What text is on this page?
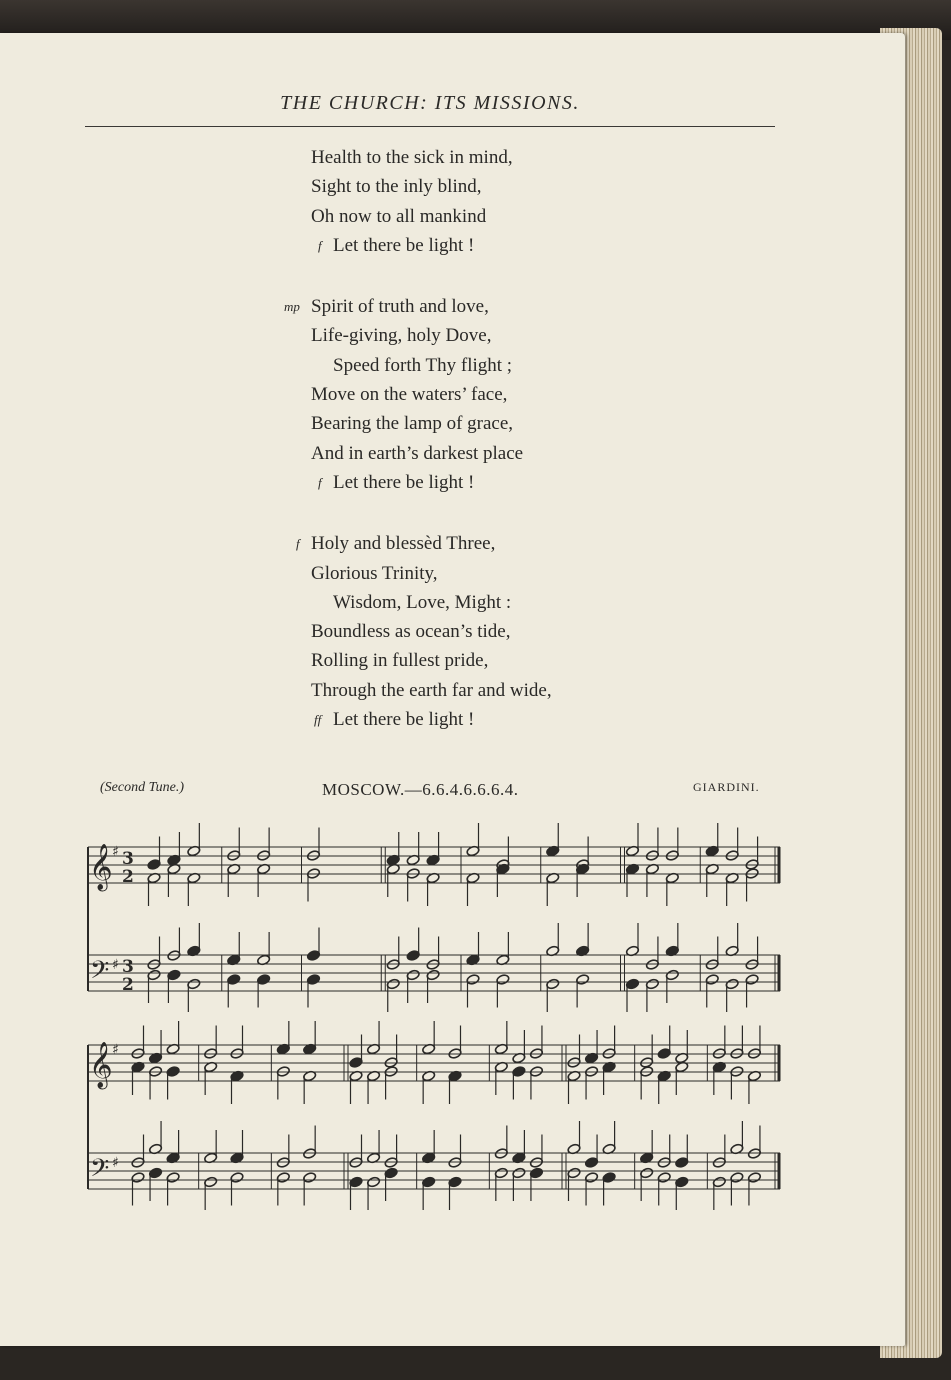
THE CHURCH: ITS MISSIONS.
Health to the sick in mind,
Sight to the inly blind,
Oh now to all mankind
f Let there be light !
mp Spirit of truth and love,
Life-giving, holy Dove,
Speed forth Thy flight ;
Move on the waters’ face,
Bearing the lamp of grace,
And in earth’s darkest place
f Let there be light !
f Holy and blessèd Three,
Glorious Trinity,
Wisdom, Love, Might :
Boundless as ocean’s tide,
Rolling in fullest pride,
Through the earth far and wide,
ff Let there be light !
(Second Tune.)	MOSCOW.—6.6.4.6.6.6.4.	GIARDINI.
𝄞
𝄢
♯
♯
3
2
3
2
𝄞
𝄢
♯
♯
